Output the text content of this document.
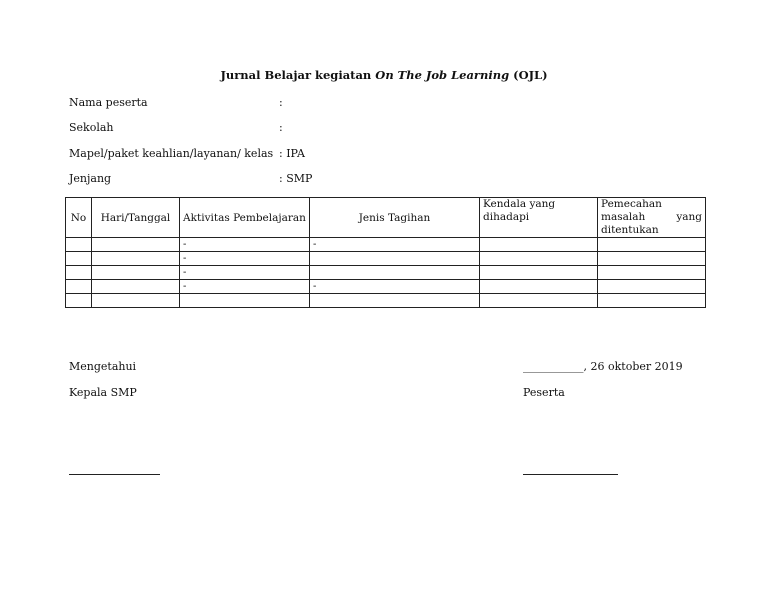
Jurnal Belajar kegiatan On The Job Learning (OJL)
Nama peserta	:
Sekolah	:
Mapel/paket keahlian/layanan/ kelas : IPA
Jenjang	: SMP
No	Hari/Tanggal	Aktivitas Pembelajaran	Jenis Tagihan	Kendala yang dihadapi	Pemecahan
masalah yang
ditentukan

		-	-		
		-			
		-			
		-	-		

Mengetahui
Kepala SMP
___________, 26 oktober 2019
Peserta
